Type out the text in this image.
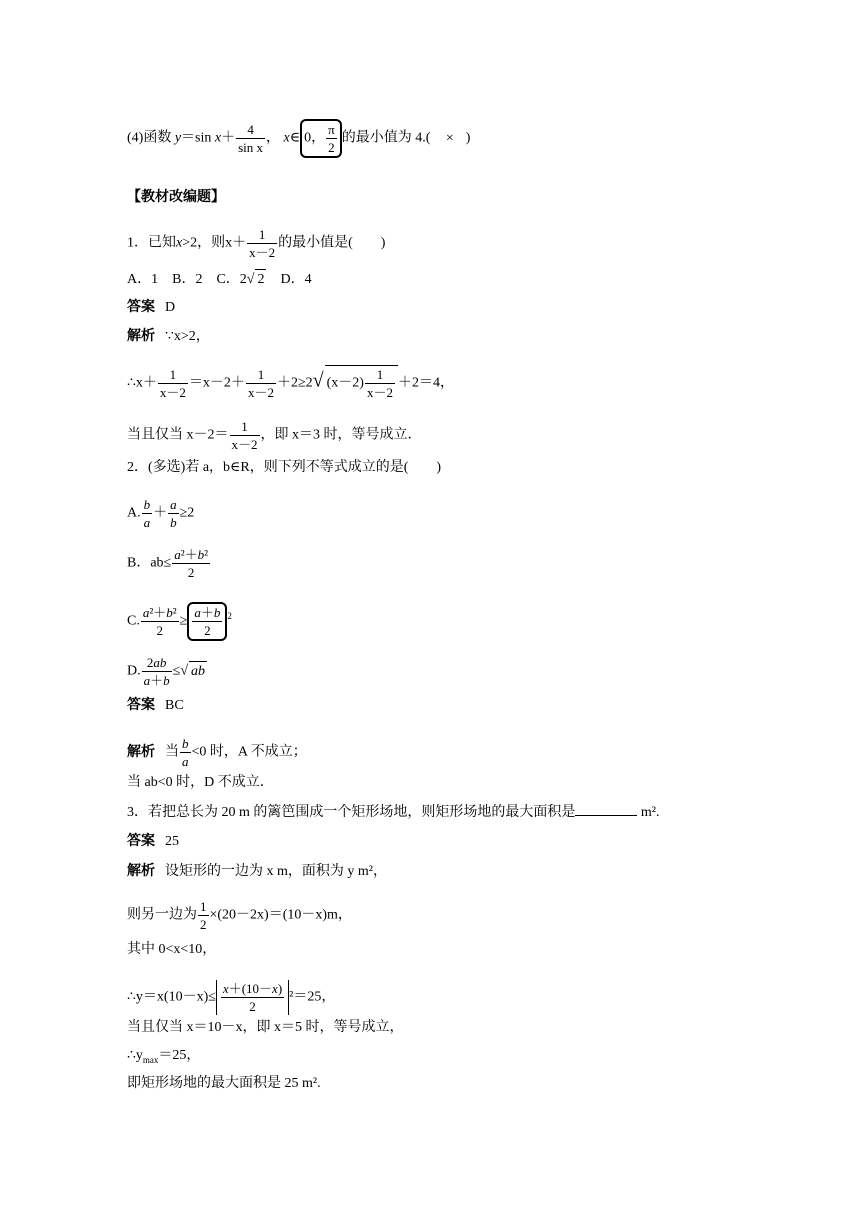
(4)函数 y＝sin $x+ \frac{4}{\text{sin x}}$ ， x∈ 0， $\frac{\pi}{2}$ 的最小值为 4.( × )
【教材改编题】
1．已知x>2，则$x+ \frac{1}{x-2}$ 的最小值是(　　)
A．1　B．2　C．2√ 2　D．4
答案 D
解析 ∵x>2，
∴x＋ $\frac{1}{x-2} =x-2+ \frac{1}{x-2} +2\ge 2√$ $(x-2) \frac{1}{x-2} +2=4$，
当且仅当 $x-2= \frac{1}{x-2}$ ，即 x＝3 时，等号成立．
2．(多选)若 a，b∈R，则下列不等式成立的是(　　)
A. $\frac{b}{a} + \frac{a}{b} \ge 2$
B．$ab\le \frac{\text{a²＋b²}}{2}$
C. $\frac{\text{a²＋b²}}{2} \ge \frac{a+b}{2} ^2$
D. $\frac{2ab}{a+b}$ ≤√ ab
答案 BC
解析 当 $\frac{b}{a} <0$ 时，A 不成立；
当 ab<0 时，D 不成立．
3．若把总长为 20 m 的篱笆围成一个矩形场地，则矩形场地的最大面积是	m².
答案 25
解析 设矩形的一边为 x m，面积为 y m²，
则另一边为 $\frac{1}{2} \times(20-2x)=(10-x)m$，
其中 0<x<10，
∴y＝x(10－x)≤ $\frac{x+(10-x)}{2} ^2=25$，
当且仅当 x＝10－x，即 x＝5 时，等号成立，
$\therefore y_{max}=25$，
即矩形场地的最大面积是 25 m².
